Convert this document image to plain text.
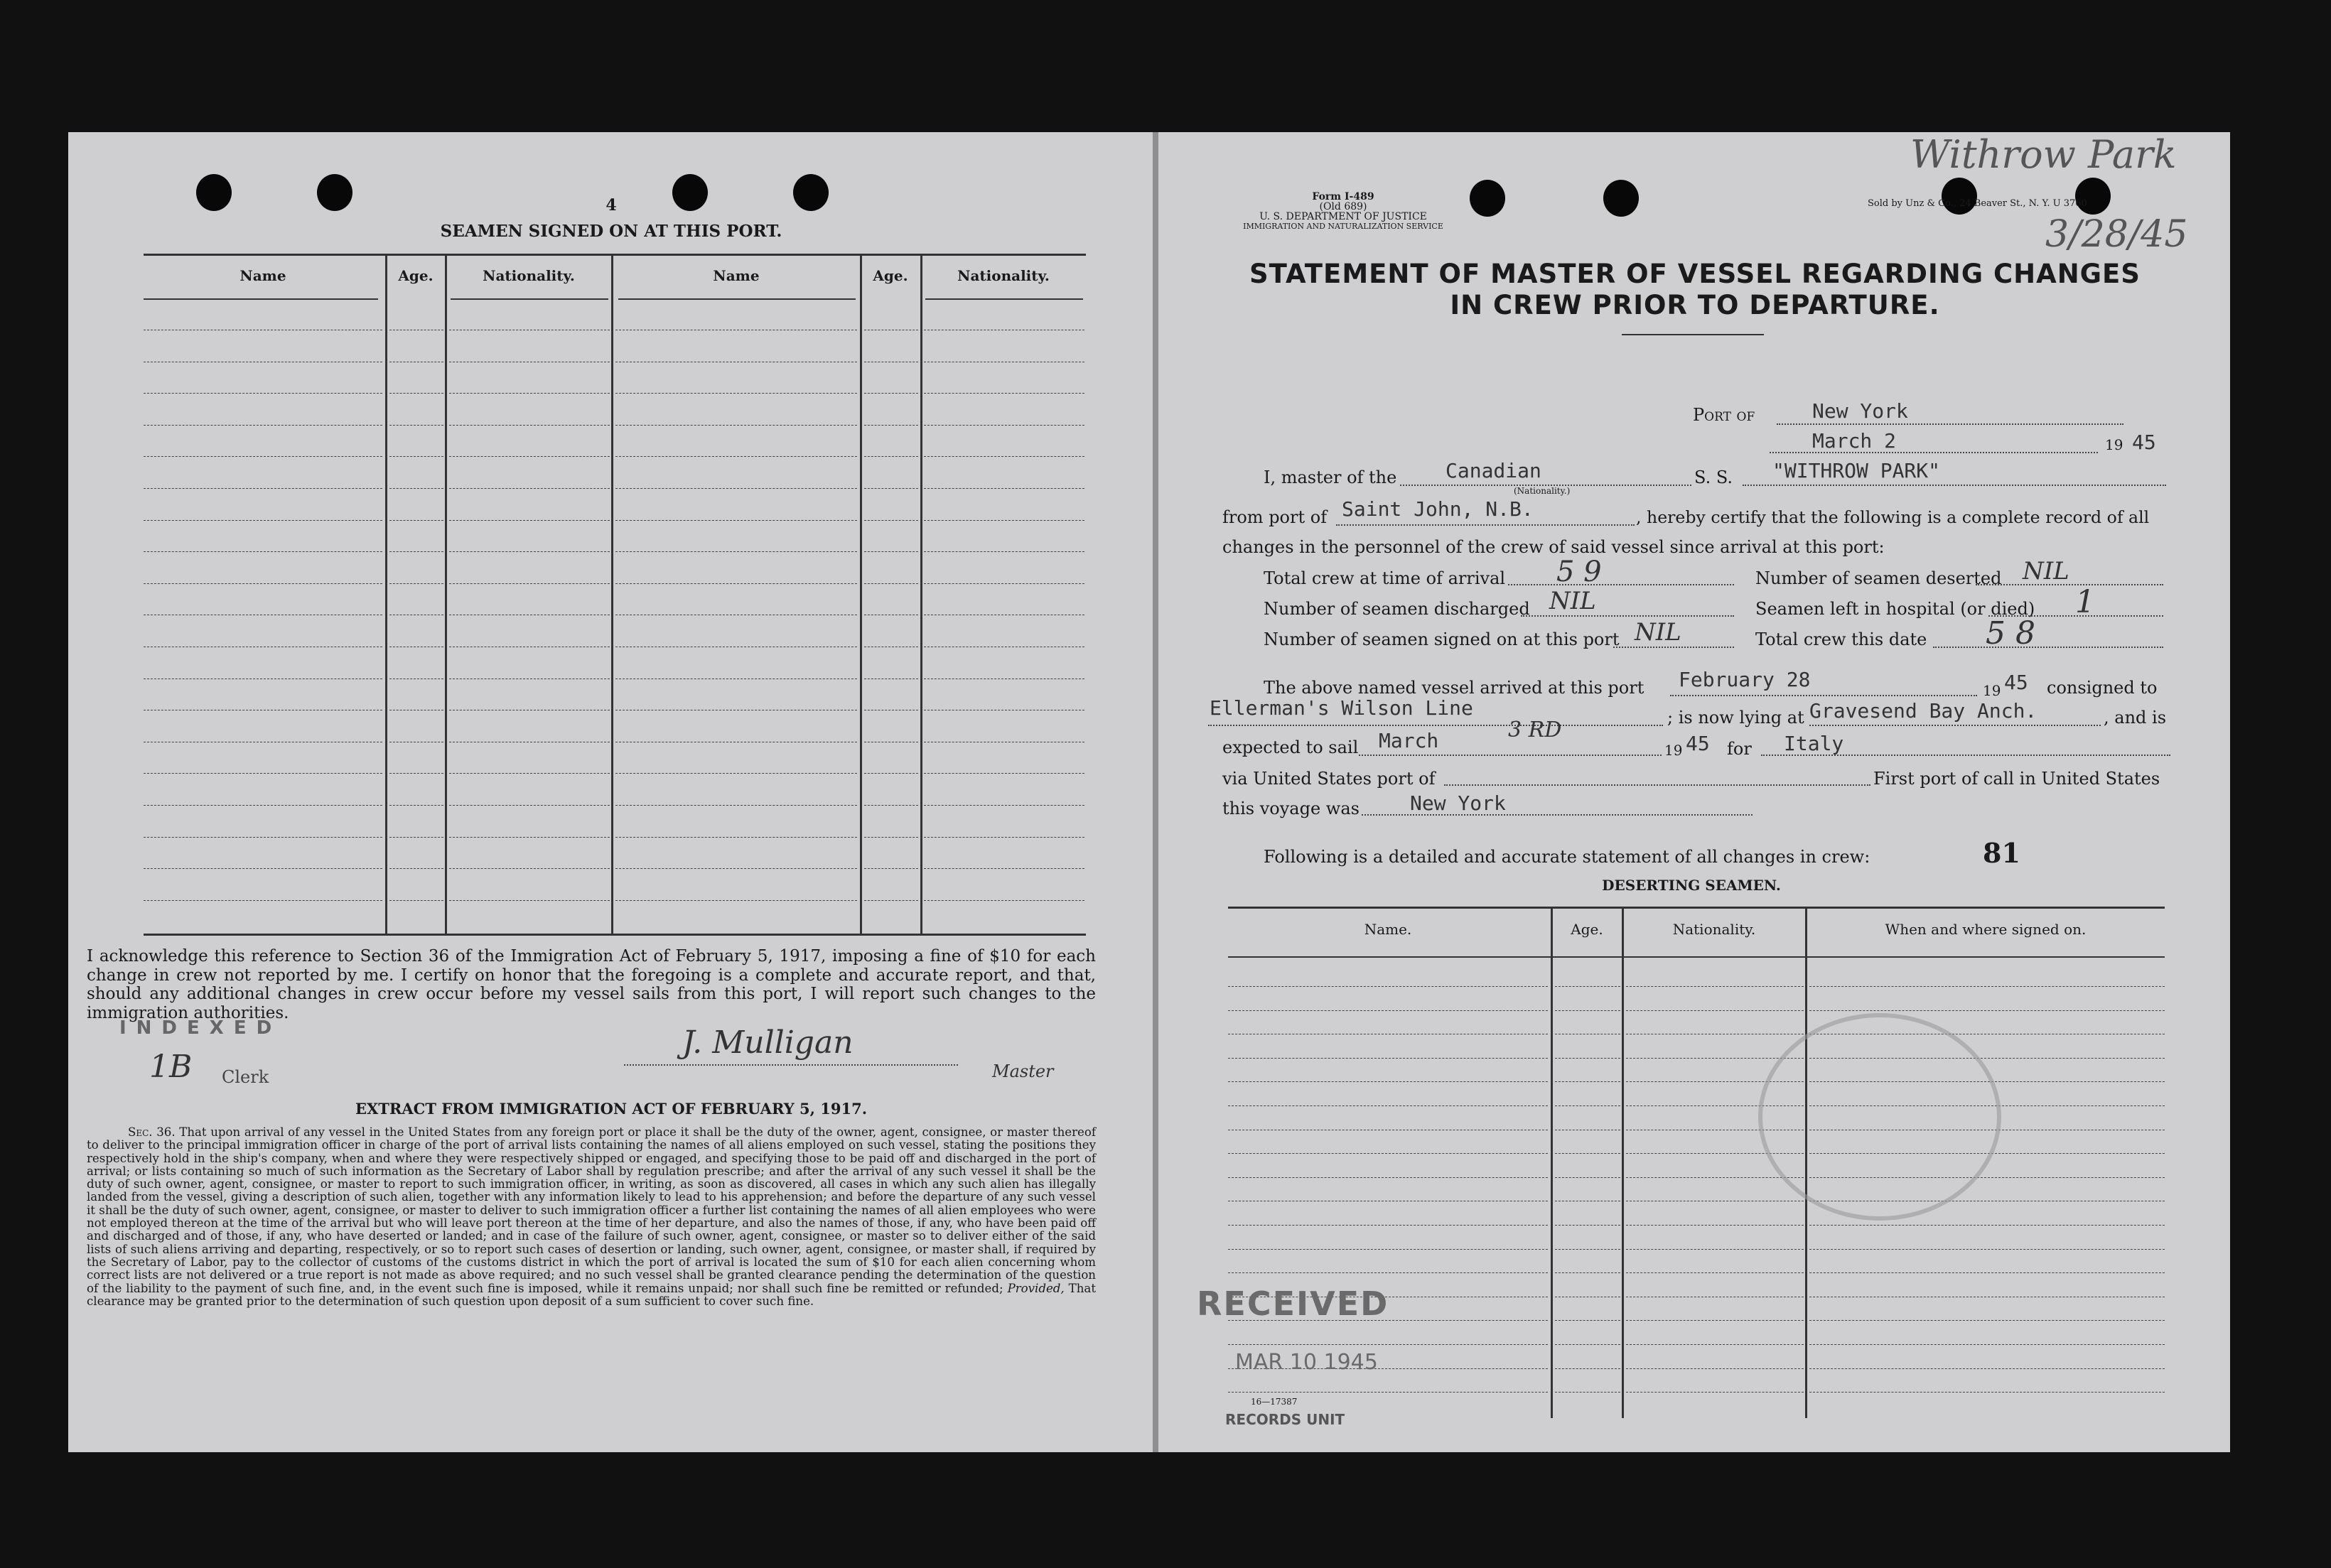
4
SEAMEN SIGNED ON AT THIS PORT.
Name	Age.	Nationality.	Name	Age.	Nationality.
I acknowledge this reference to Section 36 of the Immigration Act of February 5, 1917, imposing a fine of $10 for each change in crew not reported by me. I certify on honor that the foregoing is a complete and accurate report, and that, should any additional changes in crew occur before my vessel sails from this port, I will report such changes to the immigration authorities.
INDEXED
1B Clerk
J. Mulligan
Master
EXTRACT FROM IMMIGRATION ACT OF FEBRUARY 5, 1917.
Sec. 36. That upon arrival of any vessel in the United States from any foreign port or place it shall be the duty of the owner, agent, consignee, or master thereof to deliver to the principal immigration officer in charge of the port of arrival lists containing the names of all aliens employed on such vessel, stating the positions they respectively hold in the ship's company, when and where they were respectively shipped or engaged, and specifying those to be paid off and discharged in the port of arrival; or lists containing so much of such information as the Secretary of Labor shall by regulation prescribe; and after the arrival of any such vessel it shall be the duty of such owner, agent, consignee, or master to report to such immigration officer, in writing, as soon as discovered, all cases in which any such alien has illegally landed from the vessel, giving a description of such alien, together with any information likely to lead to his apprehension; and before the departure of any such vessel it shall be the duty of such owner, agent, consignee, or master to deliver to such immigration officer a further list containing the names of all alien employees who were not employed thereon at the time of the arrival but who will leave port thereon at the time of her departure, and also the names of those, if any, who have been paid off and discharged and of those, if any, who have deserted or landed; and in case of the failure of such owner, agent, consignee, or master so to deliver either of the said lists of such aliens arriving and departing, respectively, or so to report such cases of desertion or landing, such owner, agent, consignee, or master shall, if required by the Secretary of Labor, pay to the collector of customs of the customs district in which the port of arrival is located the sum of $10 for each alien concerning whom correct lists are not delivered or a true report is not made as above required; and no such vessel shall be granted clearance pending the determination of the question of the liability to the payment of such fine, and, in the event such fine is imposed, while it remains unpaid; nor shall such fine be remitted or refunded; Provided, That clearance may be granted prior to the determination of such question upon deposit of a sum sufficient to cover such fine.
Form I-489
(Old 689)
U. S. DEPARTMENT OF JUSTICE
IMMIGRATION AND NATURALIZATION SERVICE
Sold by Unz & Co., 24 Beaver St., N. Y. U 3760
Withrow Park
3/28/45
STATEMENT OF MASTER OF VESSEL REGARDING CHANGES
IN CREW PRIOR TO DEPARTURE.
Port of	New York
March 2	19 45
I, master of the Canadian
(Nationality.)
S. S. "WITHROW PARK"
from port of Saint John, N.B.	, hereby certify that the following is a complete record of all
changes in the personnel of the crew of said vessel since arrival at this port:
Total crew at time of arrival 5 9	Number of seamen deserted NIL
Number of seamen discharged NIL	Seamen left in hospital (or died) 1
Number of seamen signed on at this port NIL	Total crew this date 5 8
The above named vessel arrived at this port February 28	19 45 consigned to
Ellerman's Wilson Line	; is now lying at Gravesend Bay Anch.	, and is
expected to sail March	3 RD
19 45 for Italy
via United States port of	First port of call in United States
this voyage was	New York
Following is a detailed and accurate statement of all changes in crew:	81
DESERTING SEAMEN.
Name.	Age.	Nationality.	When and where signed on.
RECEIVED
MAR 10 1945
16—17387
RECORDS UNIT
